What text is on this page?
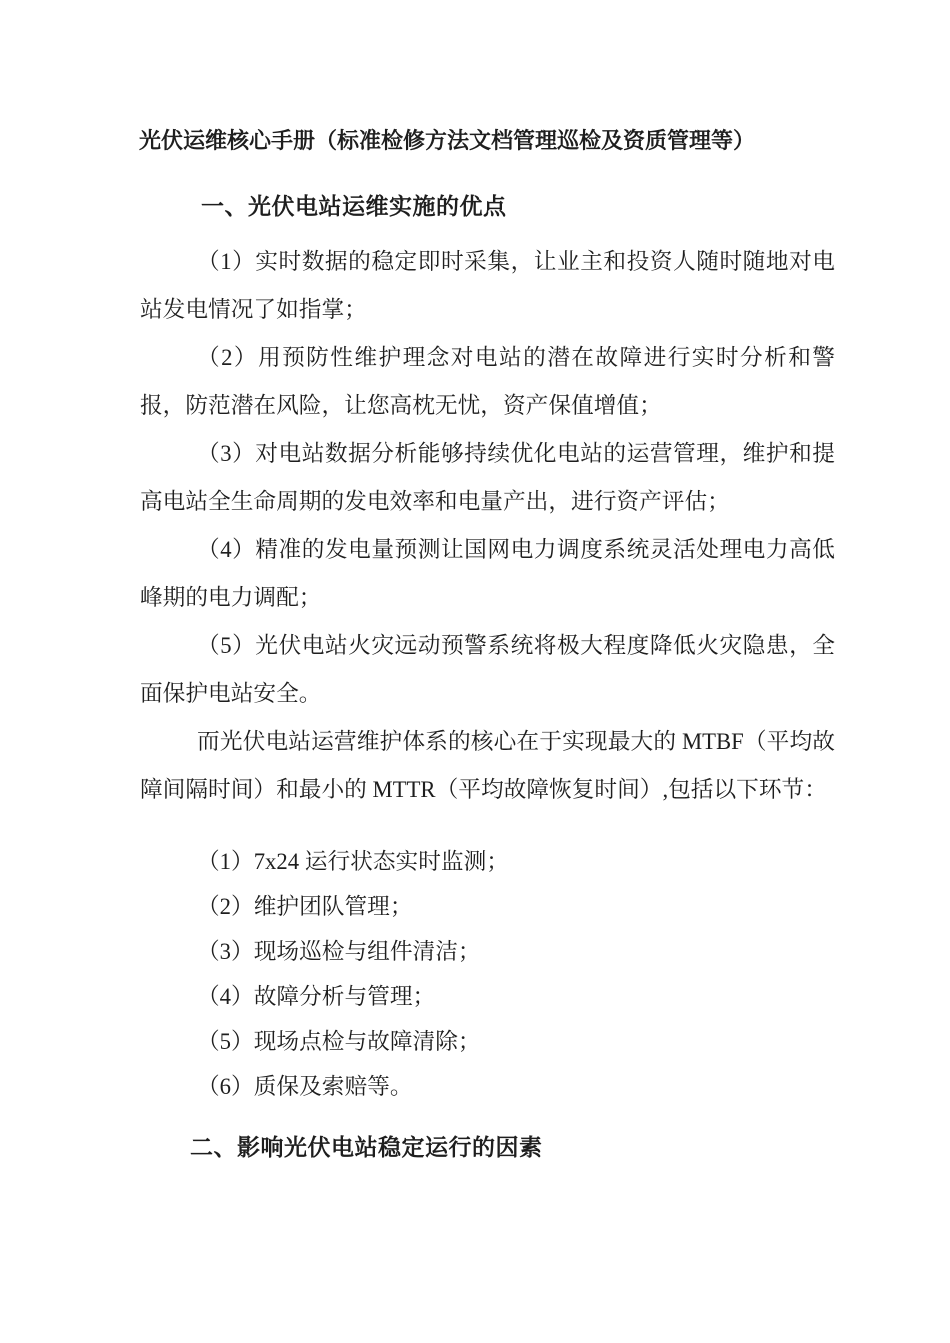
光伏运维核心手册（标准检修方法文档管理巡检及资质管理等）
一、光伏电站运维实施的优点

（1）实时数据的稳定即时采集，让业主和投资人随时随地对电站发电情况了如指掌；

（2）用预防性维护理念对电站的潜在故障进行实时分析和警报，防范潜在风险，让您高枕无忧，资产保值增值；

（3）对电站数据分析能够持续优化电站的运营管理，维护和提高电站全生命周期的发电效率和电量产出，进行资产评估；

（4）精准的发电量预测让国网电力调度系统灵活处理电力高低峰期的电力调配；

（5）光伏电站火灾远动预警系统将极大程度降低火灾隐患，全面保护电站安全。

而光伏电站运营维护体系的核心在于实现最大的 MTBF（平均故障间隔时间）和最小的 MTTR（平均故障恢复时间）,包括以下环节：

（1）7x24 运行状态实时监测；

（2）维护团队管理；

（3）现场巡检与组件清洁；

（4）故障分析与管理；

（5）现场点检与故障清除；

（6）质保及索赔等。

二、影响光伏电站稳定运行的因素
